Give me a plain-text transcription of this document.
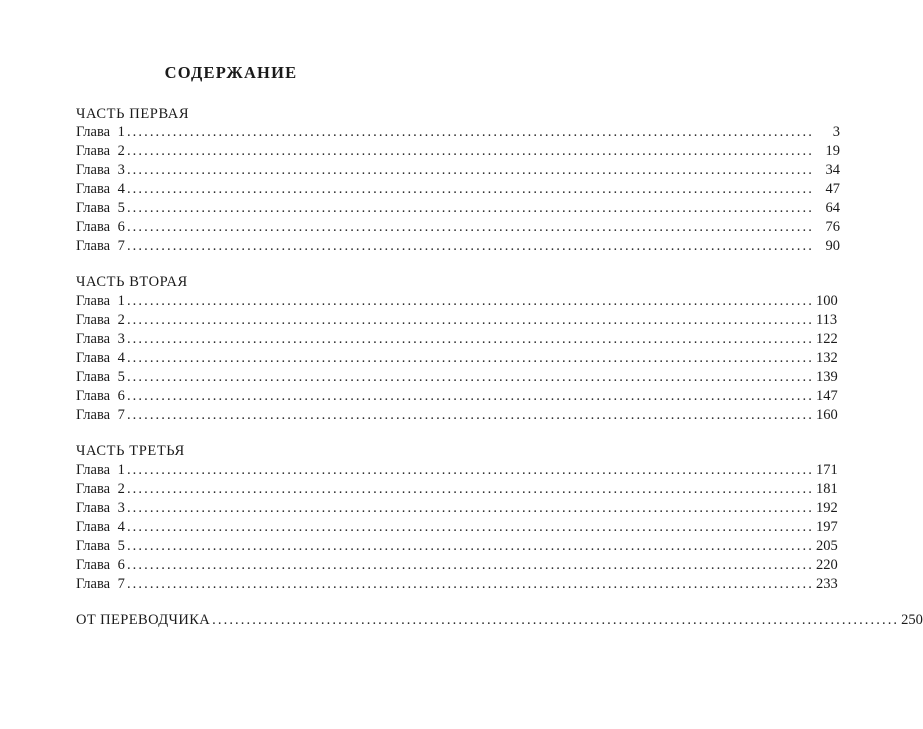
СОДЕРЖАНИЕ
ЧАСТЬ ПЕРВАЯ
Глава 1 ........................................................................................................................	3
Глава 2 ........................................................................................................................ 19
Глава 3 ........................................................................................................................ 34
Глава 4 ........................................................................................................................ 47
Глава 5 ........................................................................................................................ 64
Глава 6 ........................................................................................................................ 76
Глава 7 ........................................................................................................................ 90
ЧАСТЬ ВТОРАЯ
Глава 1 ........................................................................................................................ 100
Глава 2 ........................................................................................................................ 113
Глава 3 ........................................................................................................................ 122
Глава 4 ........................................................................................................................ 132
Глава 5 ........................................................................................................................ 139
Глава 6 ........................................................................................................................ 147
Глава 7 ........................................................................................................................ 160
ЧАСТЬ ТРЕТЬЯ
Глава 1 ........................................................................................................................ 171
Глава 2 ........................................................................................................................ 181
Глава 3 ........................................................................................................................ 192
Глава 4 ........................................................................................................................ 197
Глава 5 ........................................................................................................................ 205
Глава 6 ........................................................................................................................ 220
Глава 7 ........................................................................................................................ 233
ОТ ПЕРЕВОДЧИКА ........................................................................................................................ 250
